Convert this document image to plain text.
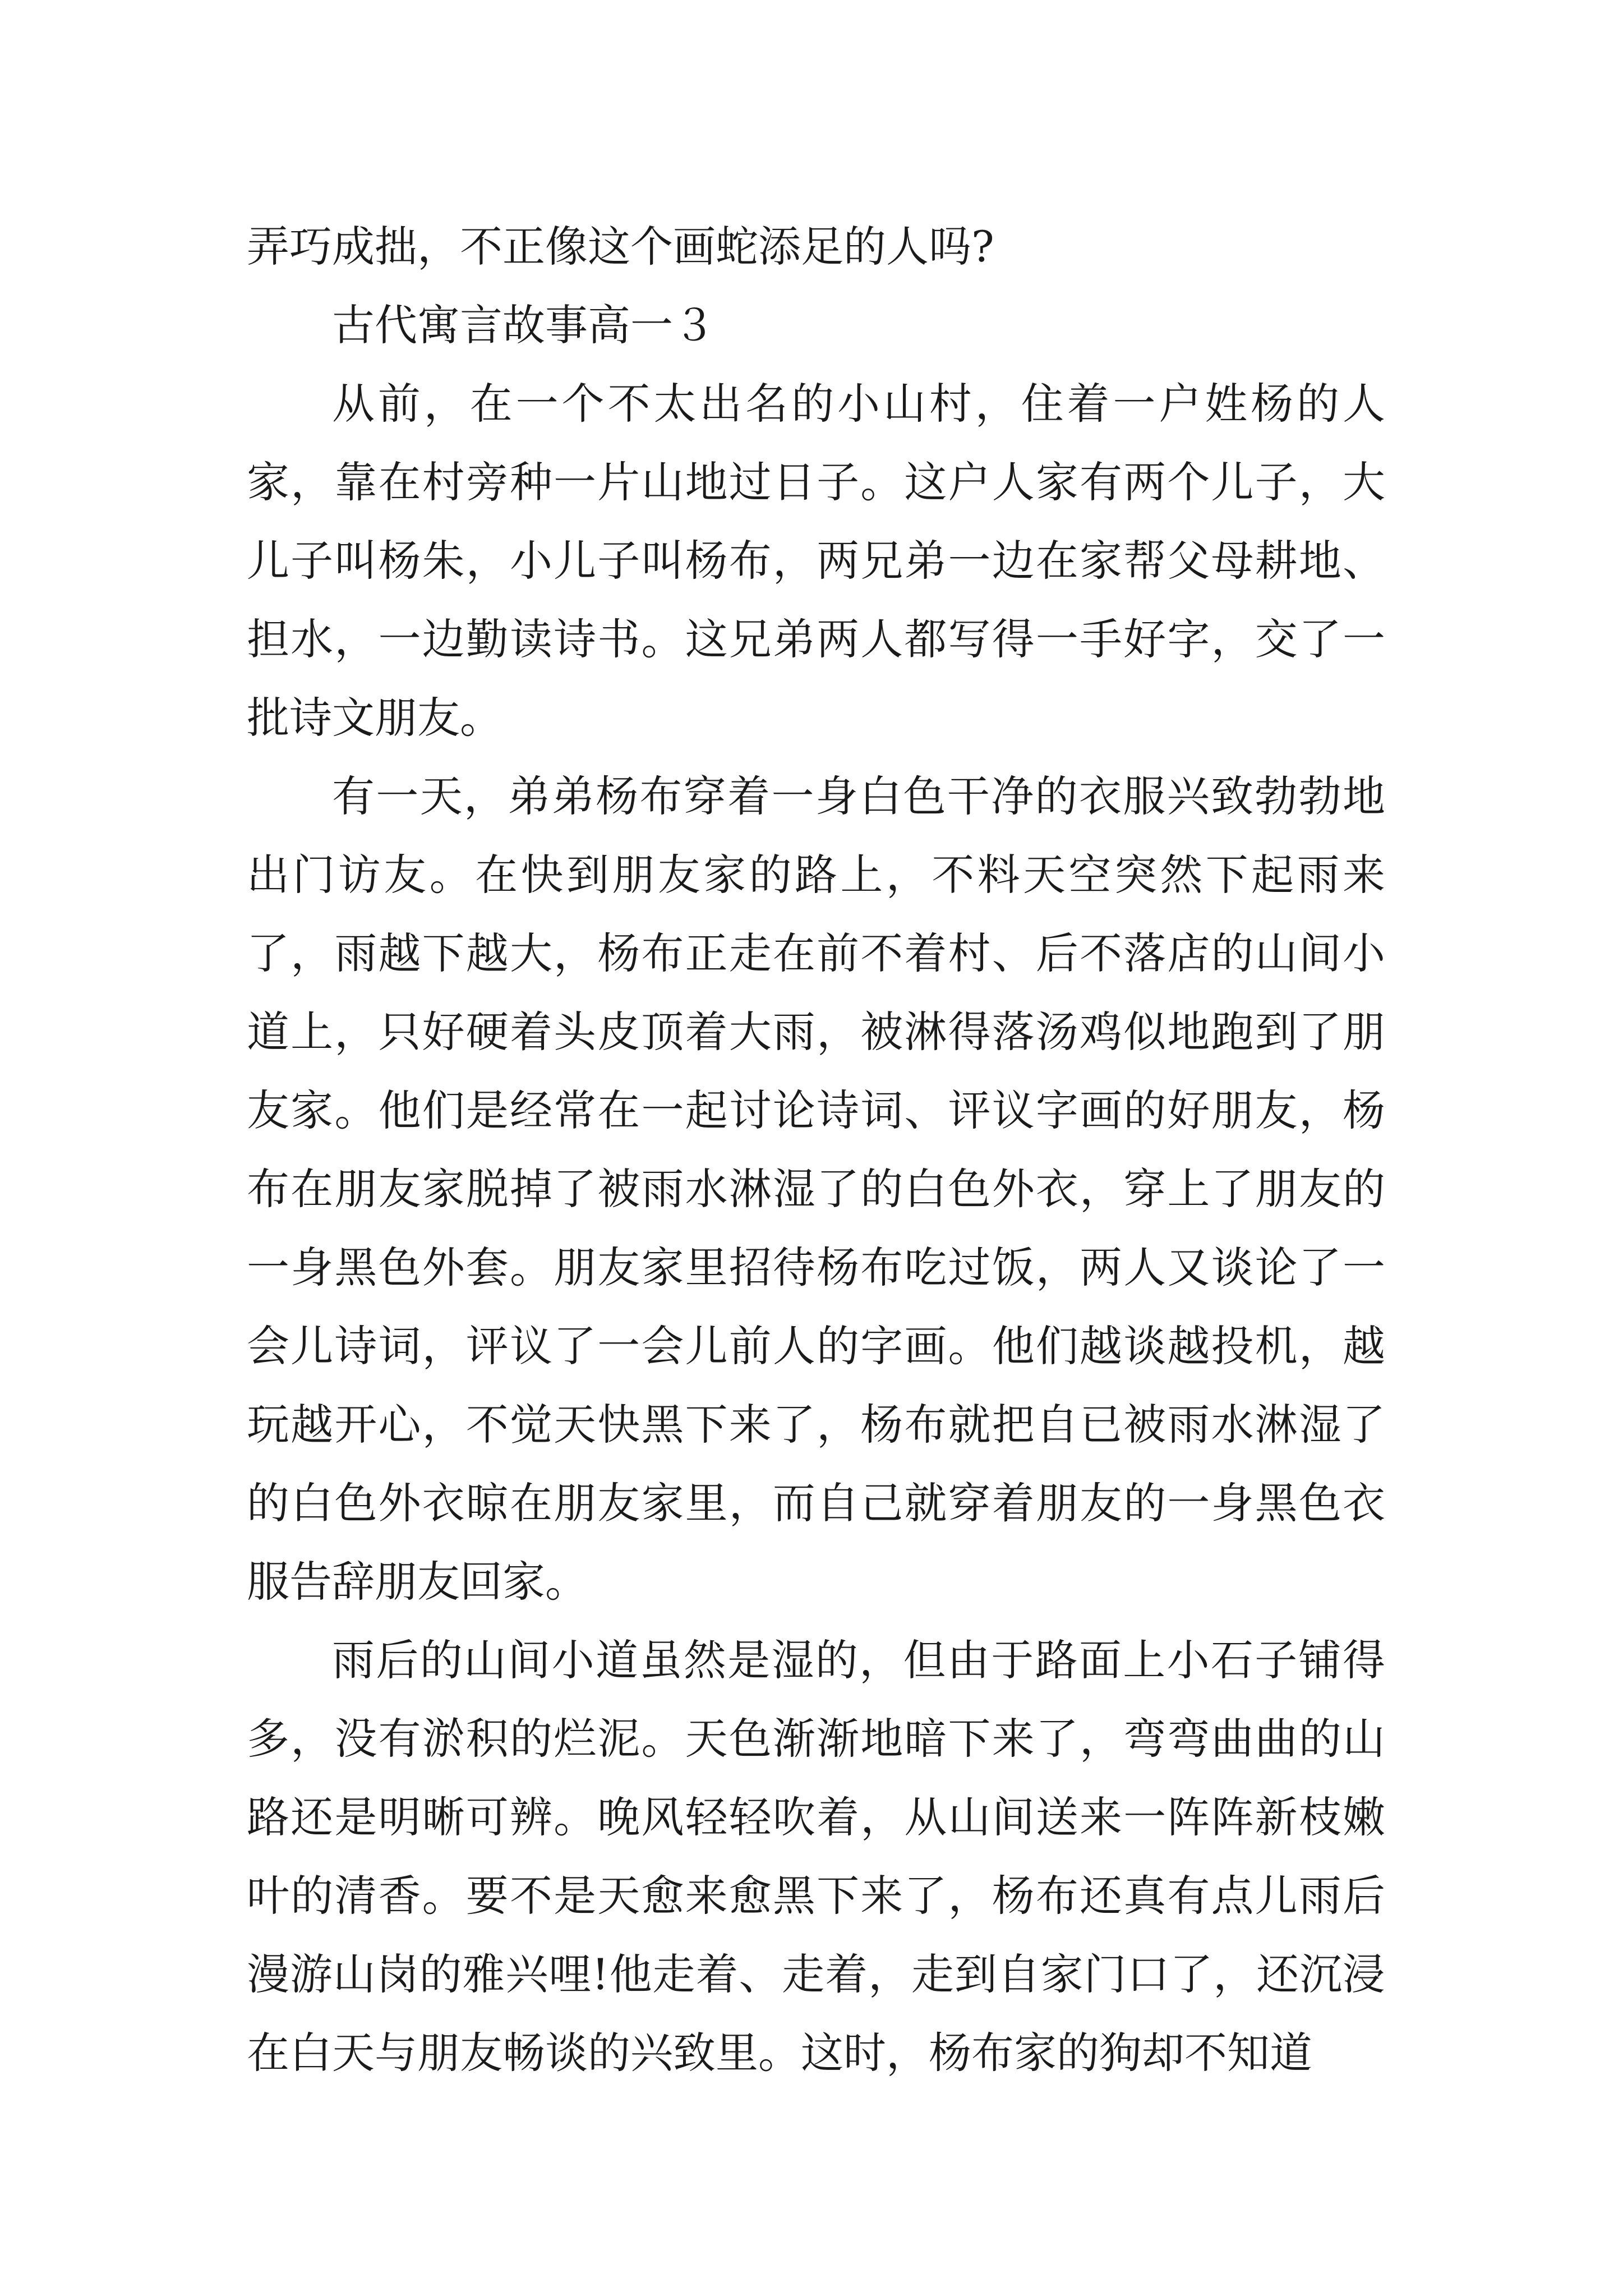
弄巧成拙，不正像这个画蛇添足的人吗?

古代寓言故事高一３

从前，在一个不太出名的小山村，住着一户姓杨的人家，靠在村旁种一片山地过日子。这户人家有两个儿子，大儿子叫杨朱，小儿子叫杨布，两兄弟一边在家帮父母耕地、担水，一边勤读诗书。这兄弟两人都写得一手好字，交了一批诗文朋友。

有一天，弟弟杨布穿着一身白色干净的衣服兴致勃勃地出门访友。在快到朋友家的路上，不料天空突然下起雨来了，雨越下越大，杨布正走在前不着村、后不落店的山间小道上，只好硬着头皮顶着大雨，被淋得落汤鸡似地跑到了朋友家。他们是经常在一起讨论诗词、评议字画的好朋友，杨布在朋友家脱掉了被雨水淋湿了的白色外衣，穿上了朋友的一身黑色外套。朋友家里招待杨布吃过饭，两人又谈论了一会儿诗词，评议了一会儿前人的字画。他们越谈越投机，越玩越开心，不觉天快黑下来了，杨布就把自已被雨水淋湿了的白色外衣晾在朋友家里，而自己就穿着朋友的一身黑色衣服告辞朋友回家。

雨后的山间小道虽然是湿的，但由于路面上小石子铺得多，没有淤积的烂泥。天色渐渐地暗下来了，弯弯曲曲的山路还是明晰可辨。晚风轻轻吹着，从山间送来一阵阵新枝嫩叶的清香。要不是天愈来愈黑下来了，杨布还真有点儿雨后漫游山岗的雅兴哩!他走着、走着，走到自家门口了，还沉浸在白天与朋友畅谈的兴致里。这时，杨布家的狗却不知道
